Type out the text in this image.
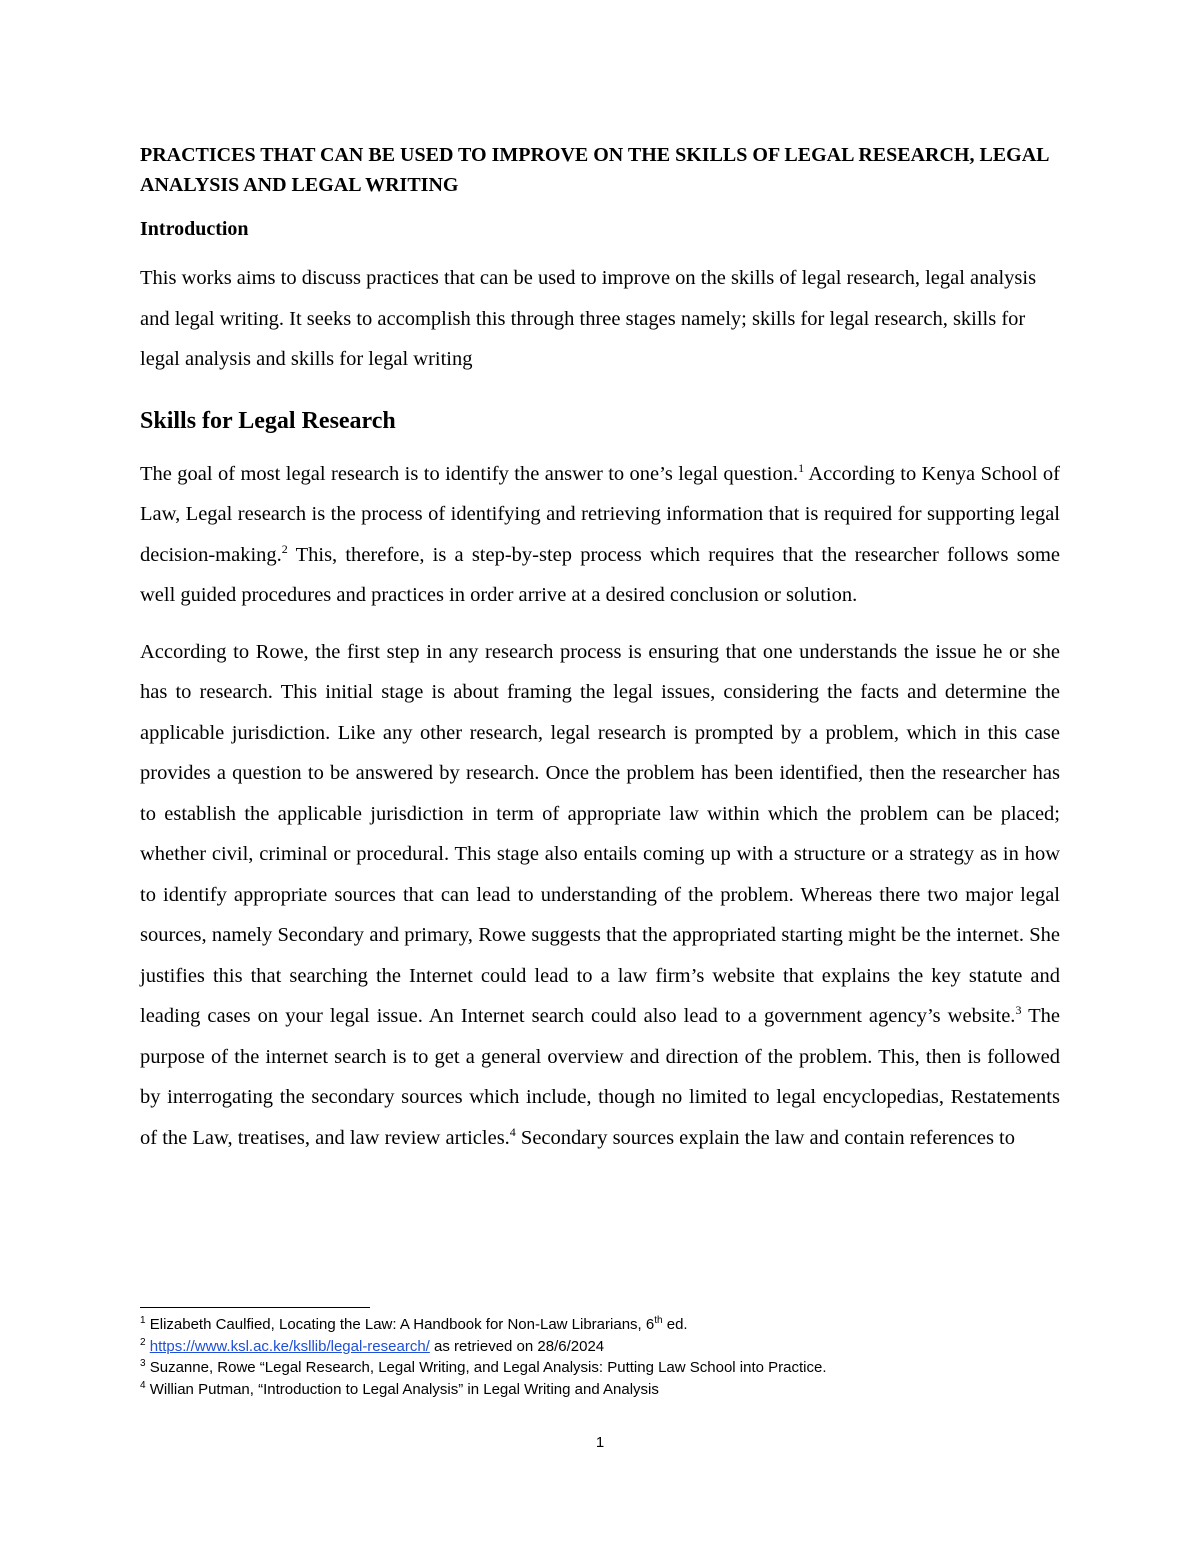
PRACTICES THAT CAN BE USED TO IMPROVE ON THE SKILLS OF LEGAL RESEARCH, LEGAL ANALYSIS AND LEGAL WRITING

Introduction

This works aims to discuss practices that can be used to improve on the skills of legal research, legal analysis and legal writing. It seeks to accomplish this through three stages namely; skills for legal research, skills for legal analysis and skills for legal writing

Skills for Legal Research

The goal of most legal research is to identify the answer to one’s legal question.$^1$ According to Kenya School of Law, Legal research is the process of identifying and retrieving information that is required for supporting legal decision-making.$^2$ This, therefore, is a step-by-step process which requires that the researcher follows some well guided procedures and practices in order arrive at a desired conclusion or solution.

According to Rowe, the first step in any research process is ensuring that one understands the issue he or she has to research. This initial stage is about framing the legal issues, considering the facts and determine the applicable jurisdiction. Like any other research, legal research is prompted by a problem, which in this case provides a question to be answered by research. Once the problem has been identified, then the researcher has to establish the applicable jurisdiction in term of appropriate law within which the problem can be placed; whether civil, criminal or procedural. This stage also entails coming up with a structure or a strategy as in how to identify appropriate sources that can lead to understanding of the problem. Whereas there two major legal sources, namely Secondary and primary, Rowe suggests that the appropriated starting might be the internet. She justifies this that searching the Internet could lead to a law firm’s website that explains the key statute and leading cases on your legal issue. An Internet search could also lead to a government agency’s website.$^3$ The purpose of the internet search is to get a general overview and direction of the problem. This, then is followed by interrogating the secondary sources which include, though no limited to legal encyclopedias, Restatements of the Law, treatises, and law review articles.$^4$ Secondary sources explain the law and contain references to

$^1$ Elizabeth Caulfied, Locating the Law: A Handbook for Non-Law Librarians, 6th ed.

$^2$ https://www.ksl.ac.ke/ksllib/legal-research/ as retrieved on 28/6/2024

$^3$ Suzanne, Rowe “Legal Research, Legal Writing, and Legal Analysis: Putting Law School into Practice.

$^4$ Willian Putman, “Introduction to Legal Analysis” in Legal Writing and Analysis

1
